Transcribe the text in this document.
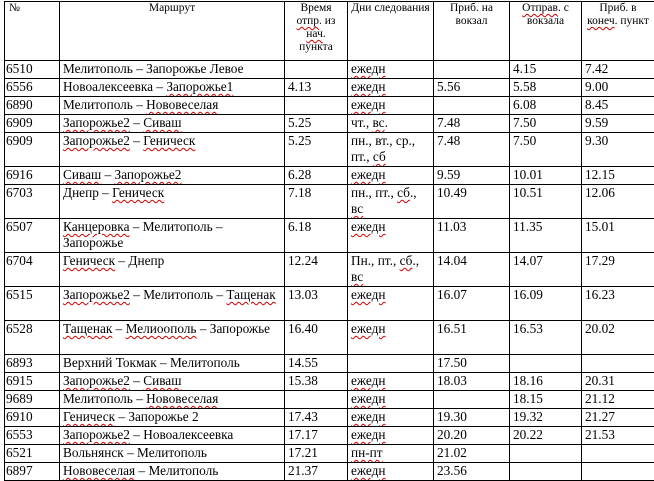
№	Маршрут	Время отпр. из нач. пункта	Дни следования	Приб. на вокзал	Отправ. с вокзала	Приб. в конеч. пункт
6510	Мелитополь – Запорожье Левое		ежедн		4.15	7.42
6556	Новоалексеевка – Запорожье1	4.13	ежедн	5.56	5.58	9.00
6890	Мелитополь – Нововеселая		ежедн		6.08	8.45
6909	Запорожье2 – Сиваш	5.25	чт., вс.	7.48	7.50	9.59
6909	Запорожье2 – Геническ	5.25	пн., вт., ср., пт., сб	7.48	7.50	9.30
6916	Сиваш – Запорожье2	6.28	ежедн	9.59	10.01	12.15
6703	Днепр – Геническ	7.18	пн., пт., сб., вс	10.49	10.51	12.06
6507	Канцеровка – Мелитополь – Запорожье	6.18	ежедн	11.03	11.35	15.01
6704	Геническ – Днепр	12.24	Пн., пт., сб., вс	14.04	14.07	17.29
6515	Запорожье2 – Мелитополь – Тащенак	13.03	ежедн	16.07	16.09	16.23
6528	Тащенак – Мелиоополь – Запорожье	16.40	ежедн	16.51	16.53	20.02
6893	Верхний Токмак – Мелитополь	14.55		17.50		
6915	Запорожье2 – Сиваш	15.38	ежедн	18.03	18.16	20.31
9689	Мелитополь – Нововеселая		ежедн		18.15	21.12
6910	Геническ – Запорожье 2	17.43	ежедн	19.30	19.32	21.27
6553	Запорожье2 – Новоалексеевка	17.17	ежедн	20.20	20.22	21.53
6521	Вольнянск – Мелитополь	17.21	пн-пт	21.02		
6897	Нововеселая – Мелитополь	21.37	ежедн	23.56		
